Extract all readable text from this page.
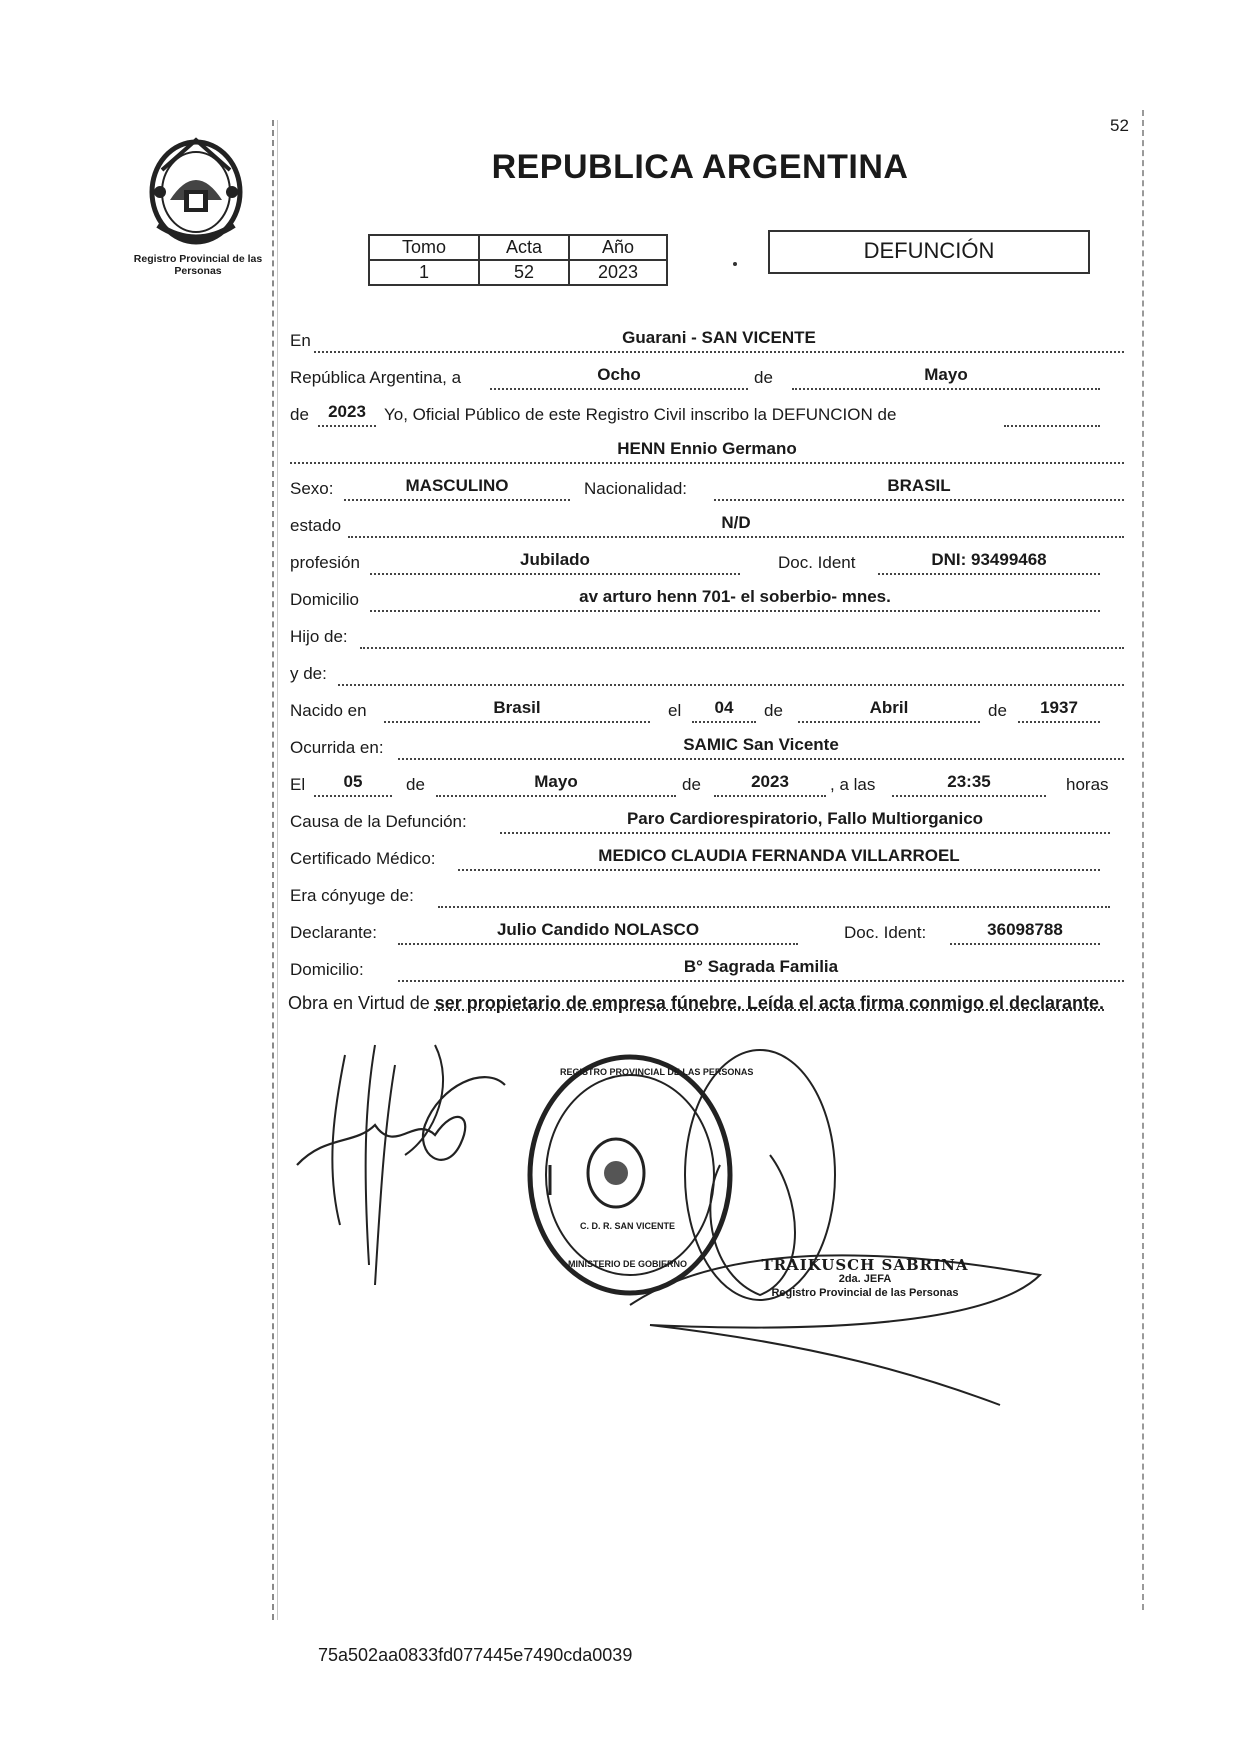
Registro Provincial de las Personas
52
REPUBLICA ARGENTINA
Tomo	Acta	Año
1	52	2023
DEFUNCIÓN
En	Guarani - SAN VICENTE
República Argentina, a	Ocho	de	Mayo
de	2023	Yo, Oficial Público de este Registro Civil inscribo la DEFUNCION de
HENN Ennio Germano
Sexo:	MASCULINO	Nacionalidad:	BRASIL
estado	N/D
profesión	Jubilado	Doc. Ident	DNI: 93499468
Domicilio	av arturo henn 701- el soberbio- mnes.
Hijo de:
y de:
Nacido en	Brasil	el	04	de	Abril	de	1937
Ocurrida en:	SAMIC San Vicente
El	05	de	Mayo	de	2023	, a las	23:35	horas
Causa de la Defunción:	Paro Cardiorespiratorio, Fallo Multiorganico
Certificado Médico:	MEDICO CLAUDIA FERNANDA VILLARROEL
Era cónyuge de:
Declarante:	Julio Candido NOLASCO	Doc. Ident:	36098788
Domicilio:	B° Sagrada Familia
Obra en Virtud de ser propietario de empresa fúnebre. Leída el acta firma conmigo el declarante.
REGISTRO PROVINCIAL DE LAS PERSONAS
C. D. R. SAN VICENTE
MINISTERIO DE GOBIERNO	TRAIKUSCH SABRINA
2da. JEFA
Registro Provincial de las Personas
75a502aa0833fd077445e7490cda0039
